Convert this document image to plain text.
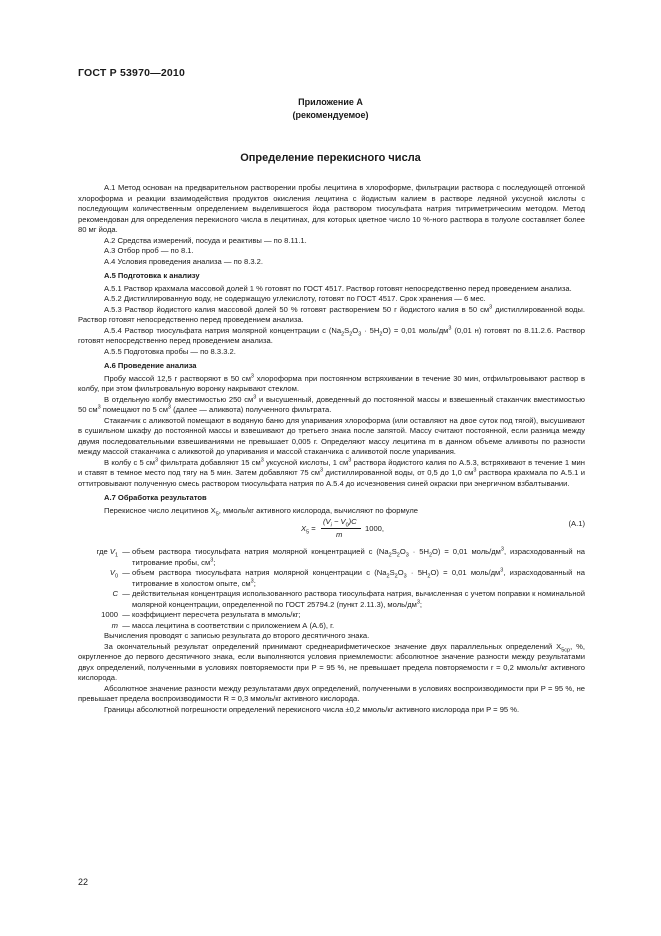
ГОСТ Р 53970—2010
Приложение А
(рекомендуемое)
Определение перекисного числа

А.1 Метод основан на предварительном растворении пробы лецитина в хлороформе, фильтрации раствора с последующей отгонкой хлороформа и реакции взаимодействия продуктов окисления лецитина с йодистым калием в растворе ледяной уксусной кислоты с последующим количественным определением выделившегося йода раствором тиосульфата натрия титриметрическим методом. Метод рекомендован для определения перекисного числа в лецитинах, для которых цветное число 10 %-ного раствора в толуоле составляет более 80 мг йода.

А.2 Средства измерений, посуда и реактивы — по 8.11.1.

А.3 Отбор проб — по 8.1.

А.4 Условия проведения анализа — по 8.3.2.

А.5 Подготовка к анализу

А.5.1 Раствор крахмала массовой долей 1 % готовят по ГОСТ 4517. Раствор готовят непосредственно перед проведением анализа.

А.5.2 Дистиллированную воду, не содержащую углекислоту, готовят по ГОСТ 4517. Срок хранения — 6 мес.

А.5.3 Раствор йодистого калия массовой долей 50 % готовят растворением 50 г йодистого калия в 50 $см^3$ дистиллированной воды. Раствор готовят непосредственно перед проведением анализа.

А.5.4 Раствор тиосульфата натрия молярной концентрации с $(Na_2S_2O_3 \cdot 5H_2O) = 0,01$ моль/$дм^3$ (0,01 н) готовят по 8.11.2.6. Раствор готовят непосредственно перед проведением анализа.

А.5.5 Подготовка пробы — по 8.3.3.2.

А.6 Проведение анализа

Пробу массой 12,5 г растворяют в 50 $см^3$ хлороформа при постоянном встряхивании в течение 30 мин, отфильтровывают раствор в колбу, при этом фильтровальную воронку накрывают стеклом.

В отдельную колбу вместимостью 250 $см^3$ и высушенный, доведенный до постоянной массы и взвешенный стаканчик вместимостью 50 $см^3$ помещают по 5 $см^3$ (далее — аликвота) полученного фильтрата.

Стаканчик с аликвотой помещают в водяную баню для упаривания хлороформа (или оставляют на двое суток под тягой), высушивают в сушильном шкафу до постоянной массы и взвешивают до третьего знака после запятой. Массу считают постоянной, если разница между двумя последовательными взвешиваниями не превышает 0,005 г. Определяют массу лецитина m в данном объеме аликвоты по разности между массой стаканчика с аликвотой до упаривания и массой стаканчика с аликвотой после упаривания.

В колбу с 5 $см^3$ фильтрата добавляют 15 $см^3$ уксусной кислоты, 1 $см^3$ раствора йодистого калия по А.5.3, встряхивают в течение 1 мин и ставят в темное место под тягу на 5 мин. Затем добавляют 75 $см^3$ дистиллированной воды, от 0,5 до 1,0 $см^3$ раствора крахмала по А.5.1 и оттитровывают полученную смесь раствором тиосульфата натрия по А.5.4 до исчезновения синей окраски при энергичном взбалтывании.

А.7 Обработка результатов

Перекисное число лецитинов $X_5$, ммоль/кг активного кислорода, вычисляют по формуле

$X_5$ =
$(V_i - V_0)C$
m
1000,
(А.1)
где $V_1$ — объем раствора тиосульфата натрия молярной концентрацией с $(Na_2S_2O_3 \cdot 5H_2O) = 0,01$ моль/$дм^3$, израсходованный на титрование пробы, $см^3$;
$V_0$ — объем раствора тиосульфата натрия молярной концентрации с $(Na_2S_2O_3 \cdot 5H_2O) = 0,01$ моль/$дм^3$, израсходованный на титрование в холостом опыте, $см^3$;
C — действительная концентрация использованного раствора тиосульфата натрия, вычисленная с учетом поправки к номинальной молярной концентрации, определенной по ГОСТ 25794.2 (пункт 2.11.3), моль/$дм^3$;
1000 — коэффициент пересчета результата в ммоль/кг;
m — масса лецитина в соответствии с приложением А (А.6), г.

Вычисления проводят с записью результата до второго десятичного знака.

За окончательный результат определений принимают среднеарифметическое значение двух параллельных определений $X_{5ср}$, %, округленное до первого десятичного знака, если выполняются условия приемлемости: абсолютное значение разности между результатами двух определений, полученными в условиях повторяемости при P = 95 %, не превышает предела повторяемости r = 0,2 ммоль/кг активного кислорода.

Абсолютное значение разности между результатами двух определений, полученными в условиях воспроизводимости при P = 95 %, не превышает предела воспроизводимости R = 0,3 ммоль/кг активного кислорода.

Границы абсолютной погрешности определений перекисного числа ±0,2 ммоль/кг активного кислорода при P = 95 %.

22
